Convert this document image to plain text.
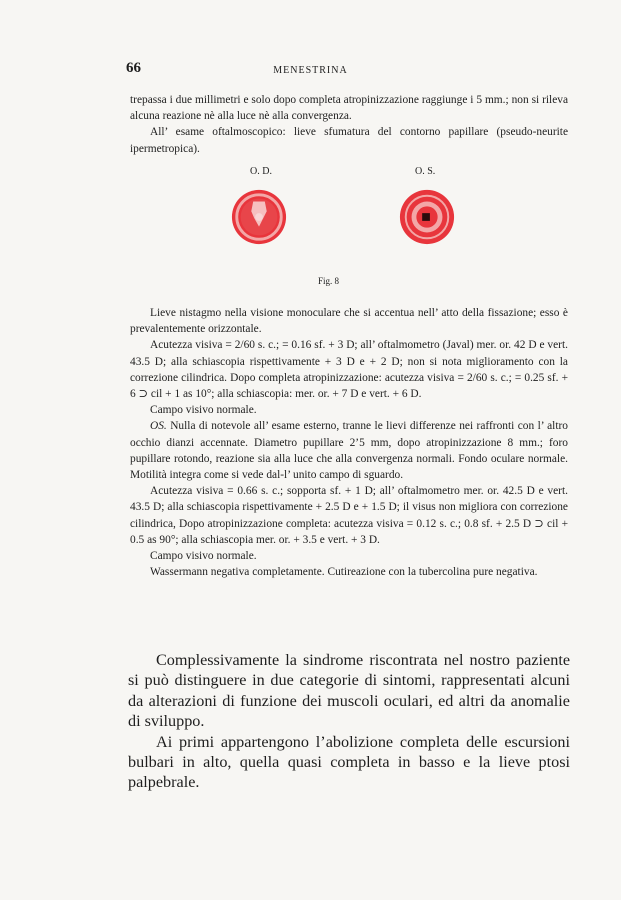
66	MENESTRINA

trepassa i due millimetri e solo dopo completa atropinizzazione raggiunge i 5 mm.; non si rileva alcuna reazione nè alla luce nè alla convergenza.

All’ esame oftalmoscopico: lieve sfumatura del contorno papillare (pseudo-neurite ipermetropica).

O. D.	O. S.
Fig. 8

Lieve nistagmo nella visione monoculare che si accentua nell’ atto della fissazione; esso è prevalentemente orizzontale.

Acutezza visiva = 2/60 s. c.; = 0.16 sf. + 3 D; all’ oftalmometro (Javal) mer. or. 42 D e vert. 43.5 D; alla schiascopia rispettivamente + 3 D e + 2 D; non si nota miglioramento con la correzione cilindrica. Dopo completa atropinizzazione: acutezza visiva = 2/60 s. c.; = 0.25 sf. + 6 ⊃ cil + 1 as 10°; alla schiascopia: mer. or. + 7 D e vert. + 6 D.

Campo visivo normale.

OS. Nulla di notevole all’ esame esterno, tranne le lievi differenze nei raffronti con l’ altro occhio dianzi accennate. Diametro pupillare 2’5 mm, dopo atropinizzazione 8 mm.; foro pupillare rotondo, reazione sia alla luce che alla convergenza normali. Fondo oculare normale. Motilità integra come si vede dal-l’ unito campo di sguardo.

Acutezza visiva = 0.66 s. c.; sopporta sf. + 1 D; all’ oftalmometro mer. or. 42.5 D e vert. 43.5 D; alla schiascopia rispettivamente + 2.5 D e + 1.5 D; il visus non migliora con correzione cilindrica, Dopo atropinizzazione completa: acutezza visiva = 0.12 s. c.; 0.8 sf. + 2.5 D ⊃ cil + 0.5 as 90°; alla schiascopia mer. or. + 3.5 e vert. + 3 D.

Campo visivo normale.

Wassermann negativa completamente. Cutireazione con la tubercolina pure negativa.

Complessivamente la sindrome riscontrata nel nostro paziente si può distinguere in due categorie di sintomi, rappresentati alcuni da alterazioni di funzione dei muscoli oculari, ed altri da anomalie di sviluppo.

Ai primi appartengono l’abolizione completa delle escursioni bulbari in alto, quella quasi completa in basso e la lieve ptosi palpebrale.
